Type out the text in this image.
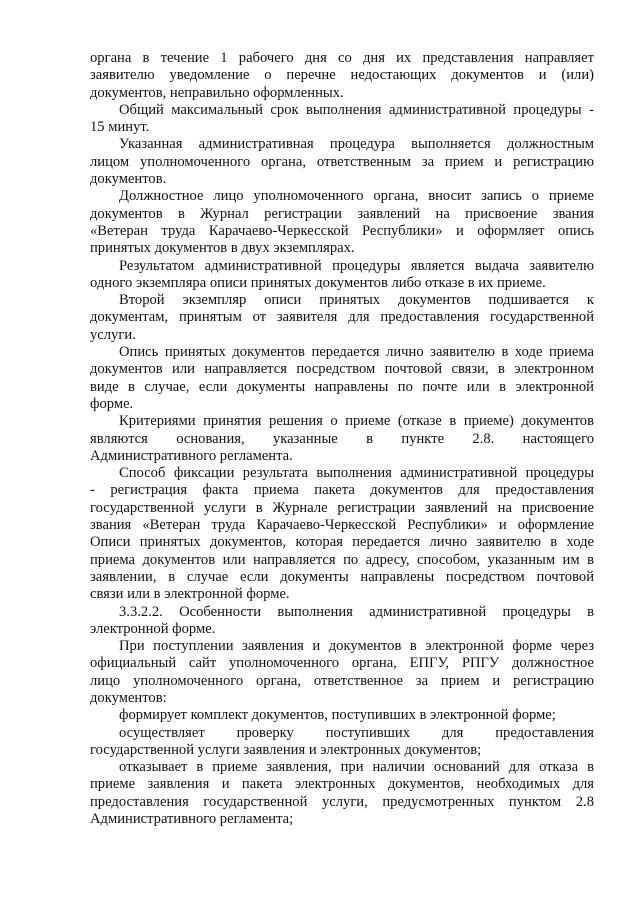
органа в течение 1 рабочего дня со дня их представления направляет
заявителю уведомление о перечне недостающих документов и (или)
документов, неправильно оформленных.
Общий максимальный срок выполнения административной процедуры -
15 минут.
Указанная административная процедура выполняется должностным
лицом уполномоченного органа, ответственным за прием и регистрацию
документов.
Должностное лицо уполномоченного органа, вносит запись о приеме
документов в Журнал регистрации заявлений на присвоение звания
«Ветеран труда Карачаево-Черкесской Республики» и оформляет опись
принятых документов в двух экземплярах.
Результатом административной процедуры является выдача заявителю
одного экземпляра описи принятых документов либо отказе в их приеме.
Второй экземпляр описи принятых документов подшивается к
документам, принятым от заявителя для предоставления государственной
услуги.
Опись принятых документов передается лично заявителю в ходе приема
документов или направляется посредством почтовой связи, в электронном
виде в случае, если документы направлены по почте или в электронной
форме.
Критериями принятия решения о приеме (отказе в приеме) документов
являются основания, указанные в пункте 2.8. настоящего
Административного регламента.
Способ фиксации результата выполнения административной процедуры
- регистрация факта приема пакета документов для предоставления
государственной услуги в Журнале регистрации заявлений на присвоение
звания «Ветеран труда Карачаево-Черкесской Республики» и оформление
Описи принятых документов, которая передается лично заявителю в ходе
приема документов или направляется по адресу, способом, указанным им в
заявлении, в случае если документы направлены посредством почтовой
связи или в электронной форме.
3.3.2.2. Особенности выполнения административной процедуры в
электронной форме.
При поступлении заявления и документов в электронной форме через
официальный сайт уполномоченного органа, ЕПГУ, РПГУ должностное
лицо уполномоченного органа, ответственное за прием и регистрацию
документов:
формирует комплект документов, поступивших в электронной форме;
осуществляет проверку поступивших для предоставления
государственной услуги заявления и электронных документов;
отказывает в приеме заявления, при наличии оснований для отказа в
приеме заявления и пакета электронных документов, необходимых для
предоставления государственной услуги, предусмотренных пунктом 2.8
Административного регламента;
